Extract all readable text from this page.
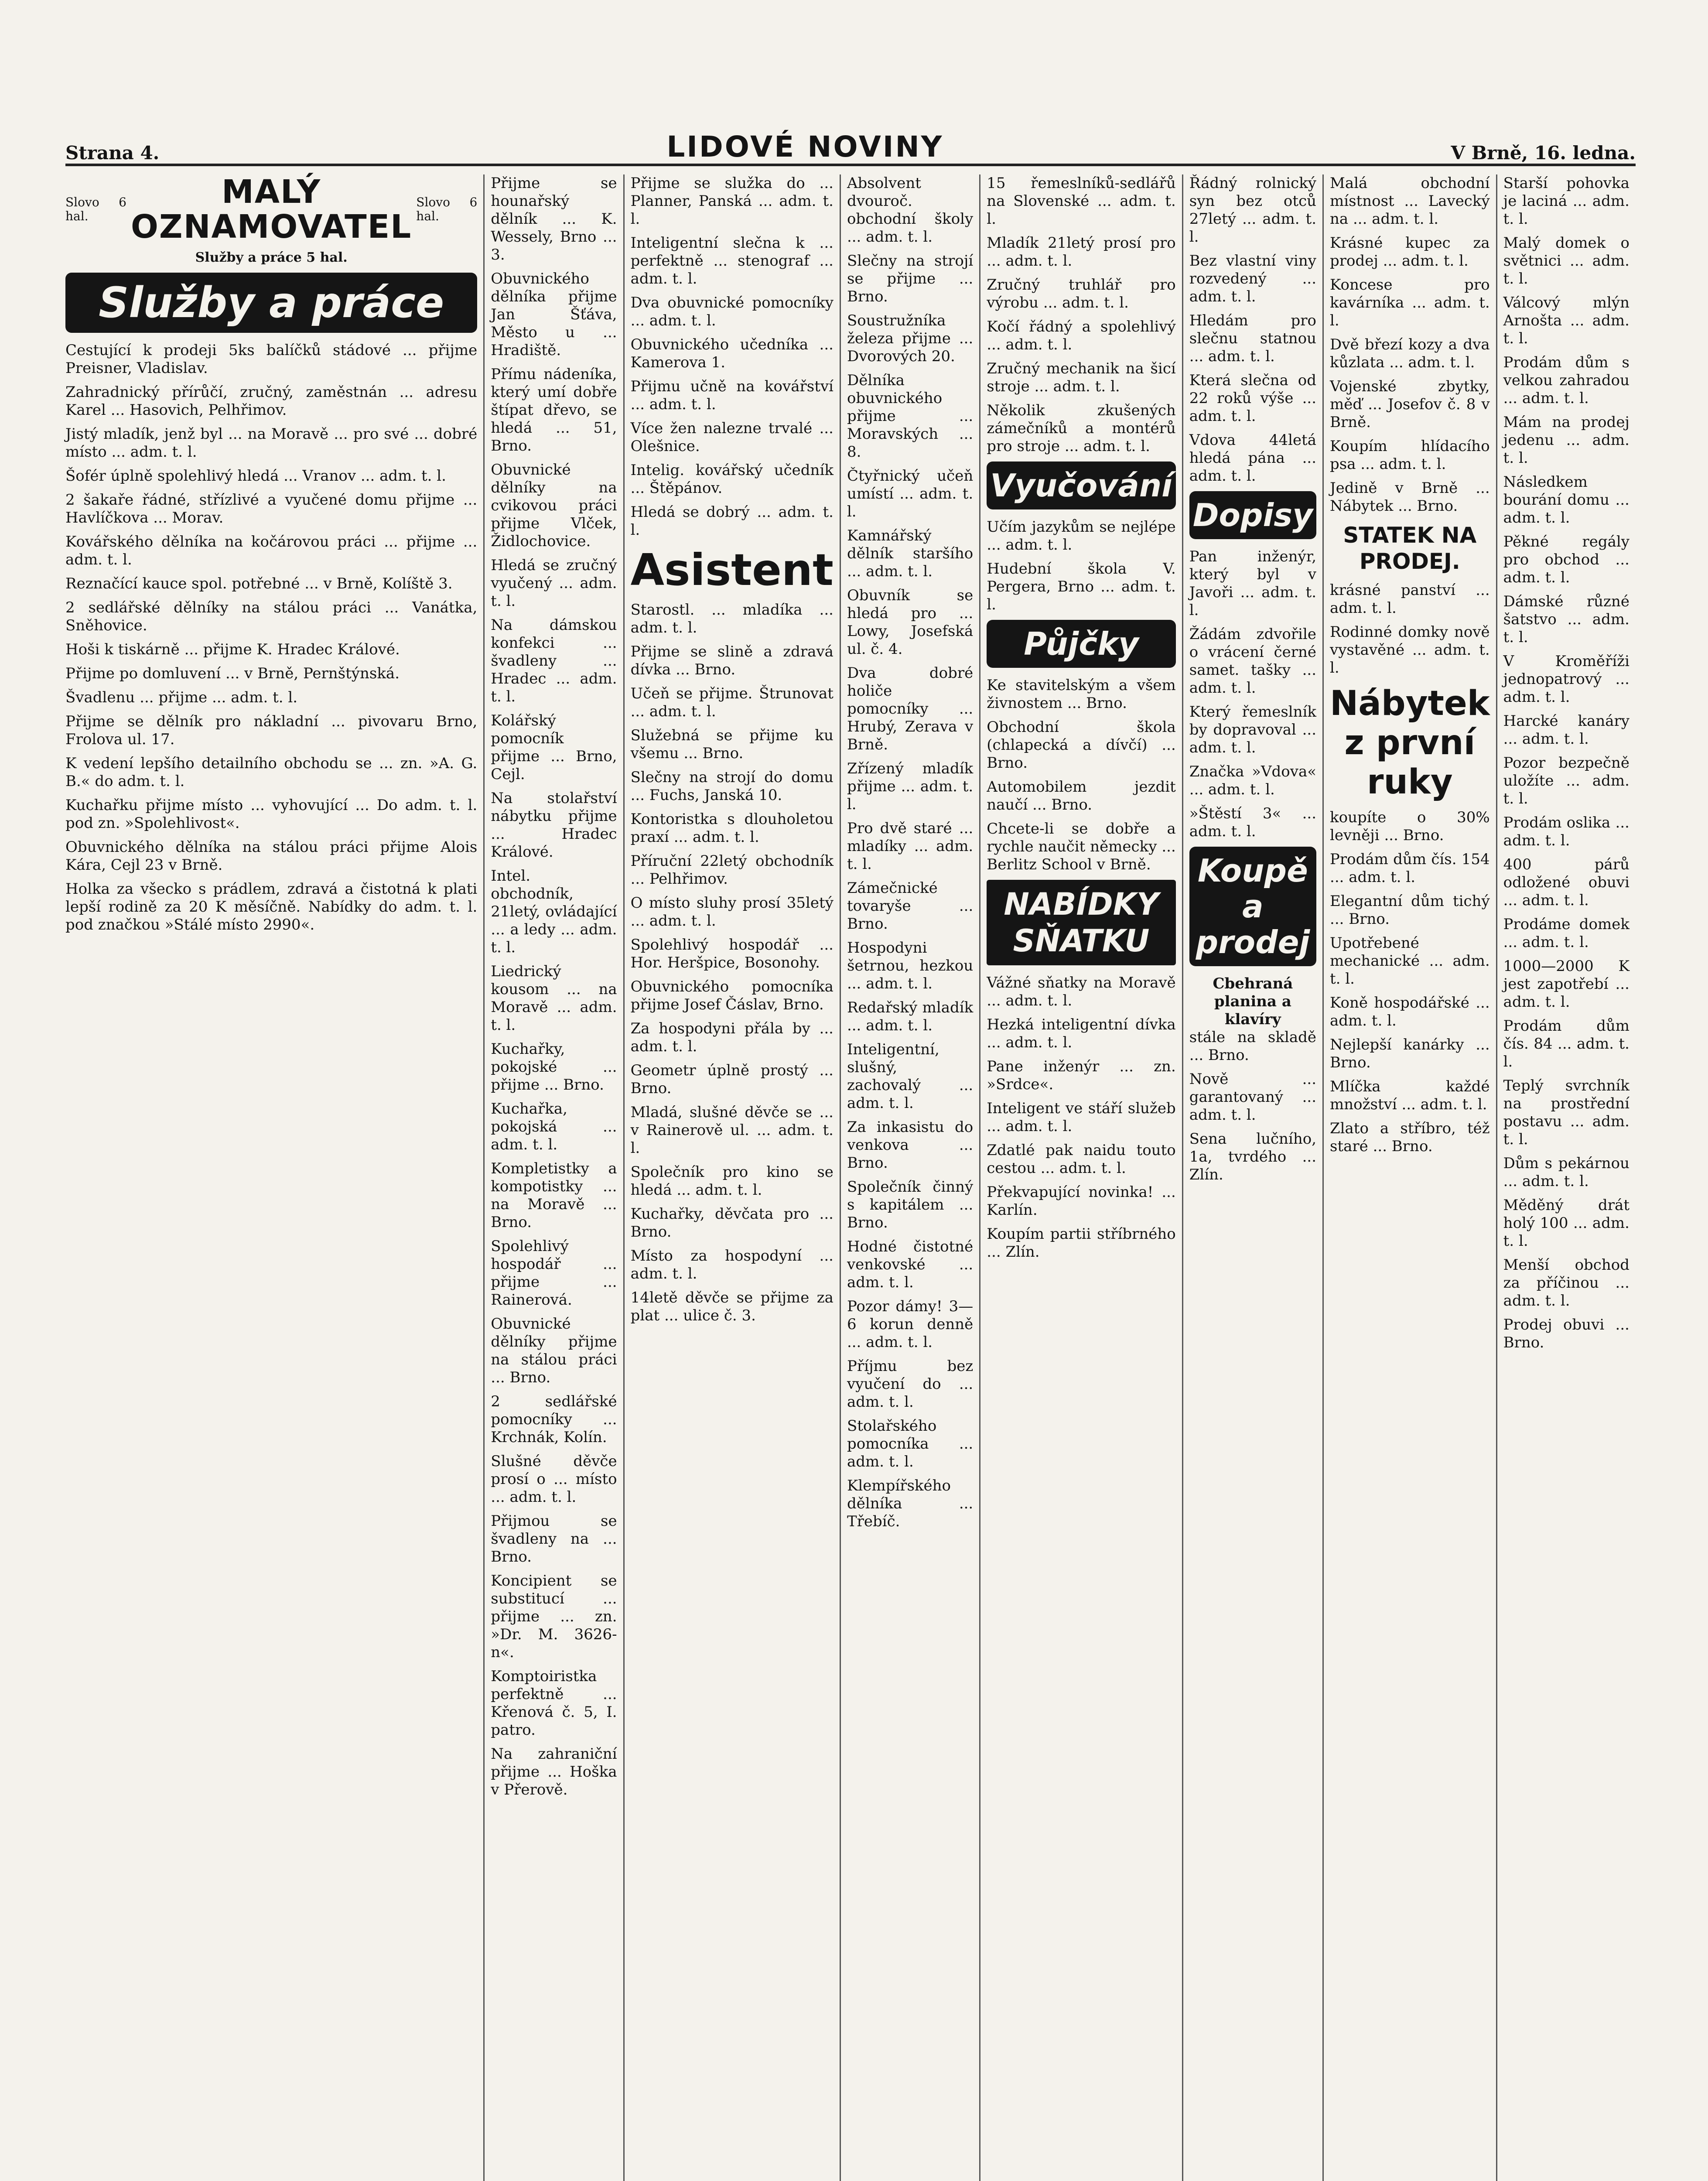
Strana 4.	LIDOVÉ NOVINY	V Brně, 16. ledna.
Slovo 6 hal.
MALÝ OZNAMOVATEL
Slovo 6 hal.
Služby a práce 5 hal.
Služby a práce

Cestující k prodeji 5ks balíčků stádové ... přijme Preisner, Vladislav.

Zahradnický přírůčí, zručný, zaměstnán ... adresu Karel ... Hasovich, Pelhřimov.

Jistý mladík, jenž byl ... na Moravě ... pro své ... dobré místo ... adm. t. l.

Šofér úplně spolehlivý hledá ... Vranov ... adm. t. l.

2 šakaře řádné, střízlivé a vyučené domu přijme ... Havlíčkova ... Morav.

Kovářského dělníka na kočárovou práci ... přijme ... adm. t. l.

Reznačící kauce spol. potřebné ... v Brně, Kolíště 3.

2 sedlářské dělníky na stálou práci ... Vanátka, Sněhovice.

Hoši k tiskárně ... přijme K. Hradec Králové.

Přijme po domluvení ... v Brně, Pernštýnská.

Švadlenu ... přijme ... adm. t. l.

Přijme se dělník pro nákladní ... pivovaru Brno, Frolova ul. 17.

K vedení lepšího detailního obchodu se ... zn. »A. G. B.« do adm. t. l.

Kuchařku přijme místo ... vyhovující ... Do adm. t. l. pod zn. »Spolehlivost«.

Obuvnického dělníka na stálou práci přijme Alois Kára, Cejl 23 v Brně.

Holka za všecko s prádlem, zdravá a čistotná k plati lepší rodině za 20 K měsíčně. Nabídky do adm. t. l. pod značkou »Stálé místo 2990«.

Přijme se hounařský dělník ... K. Wessely, Brno ... 3.

Obuvnického dělníka přijme Jan Šťáva, Město u ... Hradiště.

Přímu nádeníka, který umí dobře štípat dřevo, se hledá ... 51, Brno.

Obuvnické dělníky na cvikovou práci přijme Vlček, Židlochovice.

Hledá se zručný vyučený ... adm. t. l.

Na dámskou konfekci ... švadleny ... Hradec ... adm. t. l.

Kolářský pomocník přijme ... Brno, Cejl.

Na stolařství nábytku přijme ... Hradec Králové.

Intel. obchodník, 21letý, ovládající ... a ledy ... adm. t. l.

Liedrický kousom ... na Moravě ... adm. t. l.

Kuchařky, pokojské ... přijme ... Brno.

Kuchařka, pokojská ... adm. t. l.

Kompletistky a kompotistky ... na Moravě ... Brno.

Spolehlivý hospodář ... přijme ... Rainerová.

Obuvnické dělníky přijme na stálou práci ... Brno.

2 sedlářské pomocníky ... Krchnák, Kolín.

Slušné děvče prosí o ... místo ... adm. t. l.

Přijmou se švadleny na ... Brno.

Koncipient se substitucí ... přijme ... zn. »Dr. M. 3626-n«.

Komptoiristka perfektně ... Křenová č. 5, I. patro.

Na zahraniční přijme ... Hoška v Přerově.

Přijme se služka do ... Planner, Panská ... adm. t. l.

Inteligentní slečna k ... perfektně ... stenograf ... adm. t. l.

Dva obuvnické pomocníky ... adm. t. l.

Obuvnického učedníka ... Kamerova 1.

Přijmu učně na kovářství ... adm. t. l.

Více žen nalezne trvalé ... Olešnice.

Intelig. kovářský učedník ... Štěpánov.

Hledá se dobrý ... adm. t. l.

Asistent

Starostl. ... mladíka ... adm. t. l.

Přijme se slině a zdravá dívka ... Brno.

Učeň se přijme. Štrunovat ... adm. t. l.

Služebná se přijme ku všemu ... Brno.

Slečny na strojí do domu ... Fuchs, Janská 10.

Kontoristka s dlouholetou praxí ... adm. t. l.

Příruční 22letý obchodník ... Pelhřimov.

O místo sluhy prosí 35letý ... adm. t. l.

Spolehlivý hospodář ... Hor. Heršpice, Bosonohy.

Obuvnického pomocníka přijme Josef Čáslav, Brno.

Za hospodyni přála by ... adm. t. l.

Geometr úplně prostý ... Brno.

Mladá, slušné děvče se ... v Rainerově ul. ... adm. t. l.

Společník pro kino se hledá ... adm. t. l.

Kuchařky, děvčata pro ... Brno.

Místo za hospodyní ... adm. t. l.

14letě děvče se přijme za plat ... ulice č. 3.

Absolvent dvouroč. obchodní školy ... adm. t. l.

Slečny na strojí se přijme ... Brno.

Soustružníka železa přijme ... Dvorových 20.

Dělníka obuvnického přijme ... Moravských ... 8.

Čtyřnický učeň umístí ... adm. t. l.

Kamnářský dělník staršího ... adm. t. l.

Obuvník se hledá pro ... Lowy, Josefská ul. č. 4.

Dva dobré holiče pomocníky ... Hrubý, Zerava v Brně.

Zřízený mladík přijme ... adm. t. l.

Pro dvě staré ... mladíky ... adm. t. l.

Zámečnické tovaryše ... Brno.

Hospodyni šetrnou, hezkou ... adm. t. l.

Redařský mladík ... adm. t. l.

Inteligentní, slušný, zachovalý ... adm. t. l.

Za inkasistu do venkova ... Brno.

Společník činný s kapitálem ... Brno.

Hodné čistotné venkovské ... adm. t. l.

Pozor dámy! 3—6 korun denně ... adm. t. l.

Příjmu bez vyučení do ... adm. t. l.

Stolařského pomocníka ... adm. t. l.

Klempířského dělníka ... Třebíč.

15 řemeslníků-sedlářů na Slovenské ... adm. t. l.

Mladík 21letý prosí pro ... adm. t. l.

Zručný truhlář pro výrobu ... adm. t. l.

Kočí řádný a spolehlivý ... adm. t. l.

Zručný mechanik na šicí stroje ... adm. t. l.

Několik zkušených zámečníků a montérů pro stroje ... adm. t. l.

Vyučování

Učím jazykům se nejlépe ... adm. t. l.

Hudební škola V. Pergera, Brno ... adm. t. l.

Půjčky

Ke stavitelským a všem živnostem ... Brno.

Obchodní škola (chlapecká a dívčí) ... Brno.

Automobilem jezdit naučí ... Brno.

Chcete-li se dobře a rychle naučit německy ... Berlitz School v Brně.

NABÍDKY SŇATKU

Vážné sňatky na Moravě ... adm. t. l.

Hezká inteligentní dívka ... adm. t. l.

Pane inženýr ... zn. »Srdce«.

Inteligent ve stáří služeb ... adm. t. l.

Zdatlé pak naidu touto cestou ... adm. t. l.

Překvapující novinka! ... Karlín.

Koupím partii stříbrného ... Zlín.

Řádný rolnický syn bez otců 27letý ... adm. t. l.

Bez vlastní viny rozvedený ... adm. t. l.

Hledám pro slečnu statnou ... adm. t. l.

Která slečna od 22 roků výše ... adm. t. l.

Vdova 44letá hledá pána ... adm. t. l.

Dopisy

Pan inženýr, který byl v Javoři ... adm. t. l.

Žádám zdvořile o vrácení černé samet. tašky ... adm. t. l.

Který řemeslník by dopravoval ... adm. t. l.

Značka »Vdova« ... adm. t. l.

»Štěstí 3« ... adm. t. l.

Koupě a prodej
Cbehraná planina a klavíry

stále na skladě ... Brno.

Nově ... garantovaný ... adm. t. l.

Sena lučního, 1a, tvrdého ... Zlín.

Malá obchodní místnost ... Lavecký na ... adm. t. l.

Krásné kupec za prodej ... adm. t. l.

Koncese pro kavárníka ... adm. t. l.

Dvě březí kozy a dva kůzlata ... adm. t. l.

Vojenské zbytky, měď ... Josefov č. 8 v Brně.

Koupím hlídacího psa ... adm. t. l.

Jedině v Brně ... Nábytek ... Brno.

STATEK NA PRODEJ.

krásné panství ... adm. t. l.

Rodinné domky nově vystavěné ... adm. t. l.

Nábytek z první ruky

koupíte o 30% levněji ... Brno.

Prodám dům čís. 154 ... adm. t. l.

Elegantní dům tichý ... Brno.

Upotřebené mechanické ... adm. t. l.

Koně hospodářské ... adm. t. l.

Nejlepší kanárky ... Brno.

Mlíčka každé množství ... adm. t. l.

Zlato a stříbro, též staré ... Brno.

Starší pohovka je laciná ... adm. t. l.

Malý domek o světnici ... adm. t. l.

Válcový mlýn Arnošta ... adm. t. l.

Prodám dům s velkou zahradou ... adm. t. l.

Mám na prodej jedenu ... adm. t. l.

Následkem bourání domu ... adm. t. l.

Pěkné regály pro obchod ... adm. t. l.

Dámské různé šatstvo ... adm. t. l.

V Kroměříži jednopatrový ... adm. t. l.

Harcké kanáry ... adm. t. l.

Pozor bezpečně uložíte ... adm. t. l.

Prodám oslika ... adm. t. l.

400 párů odložené obuvi ... adm. t. l.

Prodáme domek ... adm. t. l.

1000—2000 K jest zapotřebí ... adm. t. l.

Prodám dům čís. 84 ... adm. t. l.

Teplý svrchník na prostřední postavu ... adm. t. l.

Dům s pekárnou ... adm. t. l.

Měděný drát holý 100 ... adm. t. l.

Menší obchod za příčinou ... adm. t. l.

Prodej obuvi ... Brno.
